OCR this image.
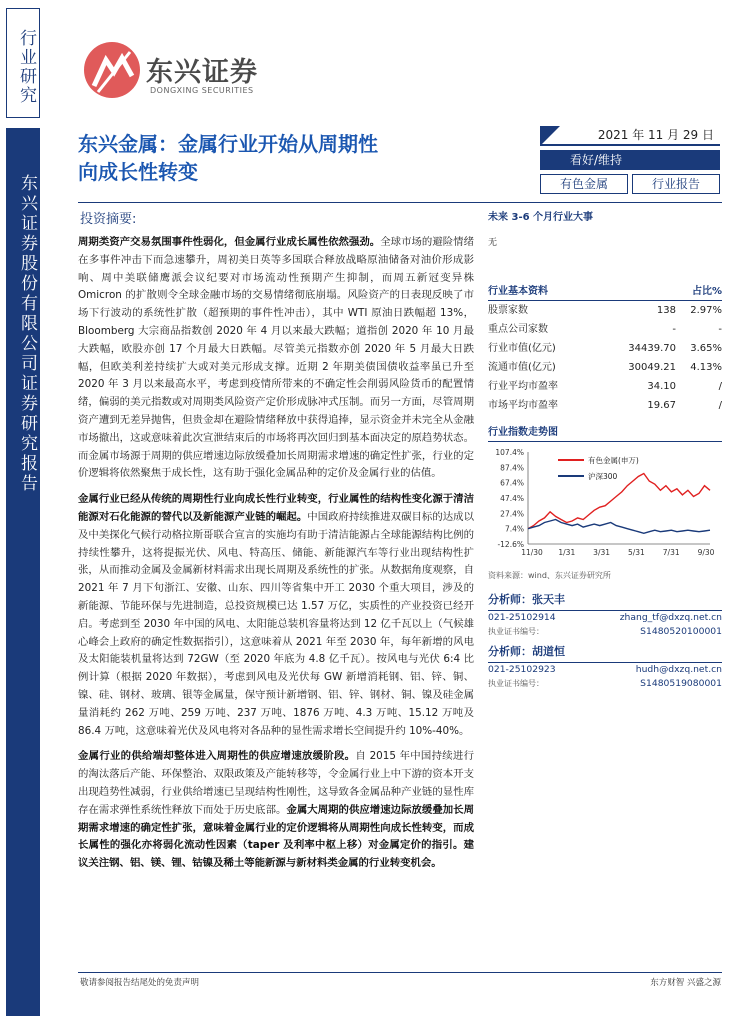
行业研究
东兴证券股份有限公司证券研究报告
东兴证券
DONGXING SECURITIES
东兴金属：金属行业开始从周期性
向成长性转变
2021 年 11 月 29 日
看好/维持
有色金属	行业报告
投资摘要:

周期类资产交易氛围事件性弱化，但金属行业成长属性依然强劲。全球市场的避险情绪在多事件冲击下而急速攀升，周初美日英等多国联合释放战略原油储备对油价形成影响、周中美联储鹰派会议纪要对市场流动性预期产生抑制，而周五新冠变异株 Omicron 的扩散则令全球金融市场的交易情绪彻底崩塌。风险资产的日表现反映了市场下行波动的系统性扩散（超预期的事件性冲击），其中 WTI 原油日跌幅超 13%，Bloomberg 大宗商品指数创 2020 年 4 月以来最大跌幅；道指创 2020 年 10 月最大跌幅，欧股亦创 17 个月最大日跌幅。尽管美元指数亦创 2020 年 5 月最大日跌幅，但欧美利差持续扩大或对美元形成支撑。近期 2 年期美债国债收益率虽已升至 2020 年 3 月以来最高水平，考虑到疫情所带来的不确定性会削弱风险货币的配置情绪，偏弱的美元指数或对周期类风险资产定价形成脉冲式压制。而另一方面，尽管周期资产遭到无差异抛售，但贵金却在避险情绪释放中获得追捧，显示资金并未完全从金融市场撤出，这或意味着此次宣泄结束后的市场将再次回归到基本面决定的原趋势状态。而金属市场源于周期的供应增速边际放缓叠加长周期需求增速的确定性扩张，行业的定价逻辑将依然聚焦于成长性，这有助于强化金属品种的定价及金属行业的估值。

金属行业已经从传统的周期性行业向成长性行业转变，行业属性的结构性变化源于清洁能源对石化能源的替代以及新能源产业链的崛起。中国政府持续推进双碳目标的达成以及中美探化气候行动格拉斯哥联合宣言的实施均有助于清洁能源占全球能源结构比例的持续性攀升，这将提振光伏、风电、特高压、储能、新能源汽车等行业出现结构性扩张，从而推动金属及金属新材料需求出现长周期及系统性的扩张。从数据角度观察，自 2021 年 7 月下旬浙江、安徽、山东、四川等省集中开工 2030 个重大项目，涉及的新能源、节能环保与先进制造，总投资规模已达 1.57 万亿，实质性的产业投资已经开启。考虑到至 2030 年中国的风电、太阳能总装机容量将达到 12 亿千瓦以上（气候雄心峰会上政府的确定性数据指引），这意味着从 2021 年至 2030 年，每年新增的风电及太阳能装机量将达到 72GW（至 2020 年底为 4.8 亿千瓦）。按风电与光伏 6:4 比例计算（根据 2020 年数据），考虑到风电及光伏每 GW 新增消耗钢、铝、锌、铜、镍、硅、钢材、玻璃、银等金属量，保守预计新增钢、铝、锌、钢材、铜、镍及硅金属量消耗约 262 万吨、259 万吨、237 万吨、1876 万吨、4.3 万吨、15.12 万吨及 86.4 万吨，这意味着光伏及风电将对各品种的显性需求增长空间提升约 10%-40%。

金属行业的供给端却整体进入周期性的供应增速放缓阶段。自 2015 年中国持续进行的淘汰落后产能、环保整治、双限政策及产能转移等，令金属行业上中下游的资本开支出现趋势性减弱，行业供给增速已呈现结构性刚性，这导致各金属品种产业链的显性库存在需求弹性系统性释放下而处于历史底部。金属大周期的供应增速边际放缓叠加长周期需求增速的确定性扩张，意味着金属行业的定价逻辑将从周期性向成长性转变，而成长属性的强化亦将弱化流动性因素（taper 及利率中枢上移）对金属定价的指引。建议关注钢、铝、镁、锂、钴镍及稀土等能新源与新材料类金属的行业转变机会。

未来 3-6 个月行业大事
无
行业基本资料	占比%
股票家数	138	2.97%
重点公司家数	-	-
行业市值(亿元)	34439.70	3.65%
流通市值(亿元)	30049.21	4.13%
行业平均市盈率	34.10	/
市场平均市盈率	19.67	/
行业指数走势图
107.4%
87.4%
67.4%
47.4%
27.4%
7.4%
-12.6%
11/30 1/31 3/31 5/31 7/31 9/30
有色金属(申万)
沪深300
资料来源：wind、东兴证券研究所
分析师：张天丰
021-25102914	zhang_tf@dxzq.net.cn
执业证书编号：	S1480520100001
分析师：胡道恒
021-25102923	hudh@dxzq.net.cn
执业证书编号：	S1480519080001
敬请参阅报告结尾处的免责声明	东方财智 兴盛之源
